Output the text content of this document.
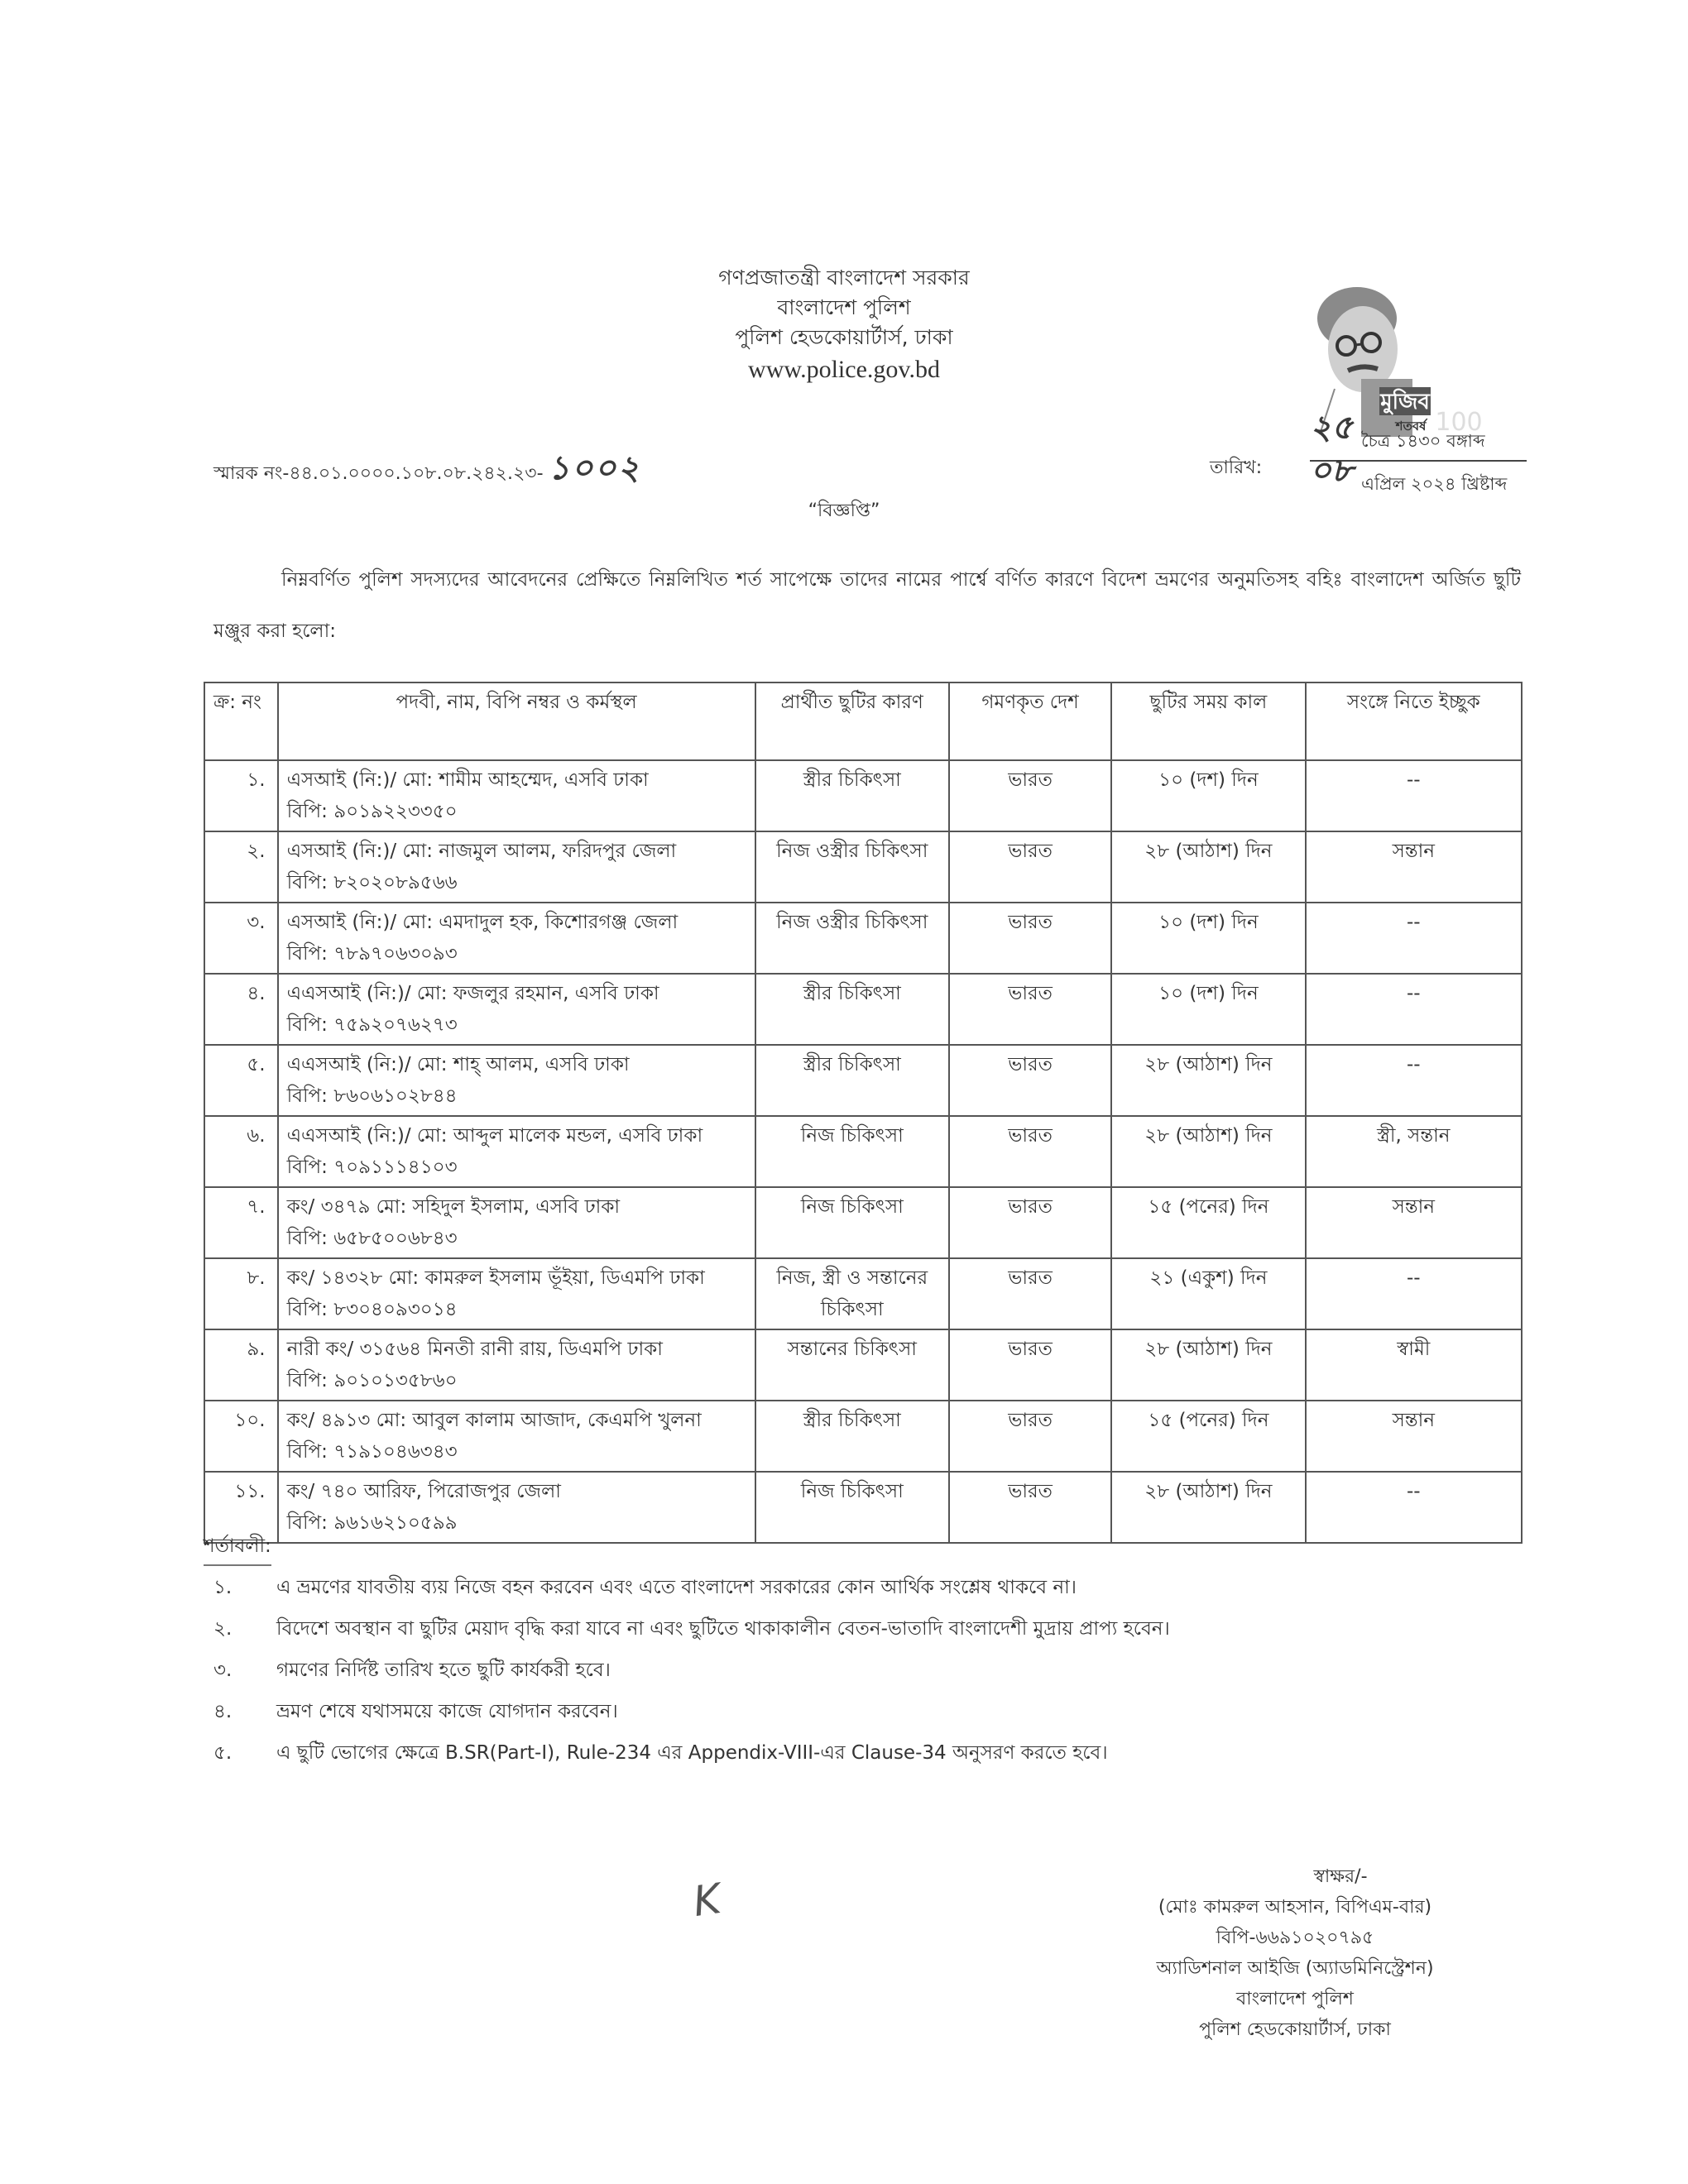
গণপ্রজাতন্ত্রী বাংলাদেশ সরকার
বাংলাদেশ পুলিশ
পুলিশ হেডকোয়ার্টার্স, ঢাকা
www.police.gov.bd
মুজিব
শতবর্ষ 100
স্মারক নং-৪৪.০১.০০০০.১০৮.০৮.২৪২.২৩- ১০০২	তারিখ:
২৫ চৈত্র ১৪৩০ বঙ্গাব্দ
০৮ এপ্রিল ২০২৪ খ্রিষ্টাব্দ
“বিজ্ঞপ্তি”
নিম্নবর্ণিত পুলিশ সদস্যদের আবেদনের প্রেক্ষিতে নিম্নলিখিত শর্ত সাপেক্ষে তাদের নামের পার্শ্বে বর্ণিত কারণে বিদেশ ভ্রমণের অনুমতিসহ বহিঃ বাংলাদেশ অর্জিত ছুটি মঞ্জুর করা হলো:
ক্র: নং	পদবী, নাম, বিপি নম্বর ও কর্মস্থল	প্রার্থীত ছুটির কারণ	গমণকৃত দেশ	ছুটির সময় কাল	সংঙ্গে নিতে ইচ্ছুক

১.	এসআই (নি:)/ মো: শামীম আহম্মেদ, এসবি ঢাকা
বিপি: ৯০১৯২২৩৩৫০	স্ত্রীর চিকিৎসা	ভারত	১০ (দশ) দিন	--

২.	এসআই (নি:)/ মো: নাজমুল আলম, ফরিদপুর জেলা
বিপি: ৮২০২০৮৯৫৬৬	নিজ ওস্ত্রীর চিকিৎসা	ভারত	২৮ (আঠাশ) দিন	সন্তান

৩.	এসআই (নি:)/ মো: এমদাদুল হক, কিশোরগঞ্জ জেলা
বিপি: ৭৮৯৭০৬৩০৯৩	নিজ ওস্ত্রীর চিকিৎসা	ভারত	১০ (দশ) দিন	--

৪.	এএসআই (নি:)/ মো: ফজলুর রহমান, এসবি ঢাকা
বিপি: ৭৫৯২০৭৬২৭৩	স্ত্রীর চিকিৎসা	ভারত	১০ (দশ) দিন	--

৫.	এএসআই (নি:)/ মো: শাহ্ আলম, এসবি ঢাকা
বিপি: ৮৬০৬১০২৮৪৪	স্ত্রীর চিকিৎসা	ভারত	২৮ (আঠাশ) দিন	--

৬.	এএসআই (নি:)/ মো: আব্দুল মালেক মন্ডল, এসবি ঢাকা
বিপি: ৭০৯১১১৪১০৩	নিজ চিকিৎসা	ভারত	২৮ (আঠাশ) দিন	স্ত্রী, সন্তান

৭.	কং/ ৩৪৭৯ মো: সহিদুল ইসলাম, এসবি ঢাকা
বিপি: ৬৫৮৫০০৬৮৪৩	নিজ চিকিৎসা	ভারত	১৫ (পনের) দিন	সন্তান

৮.	কং/ ১৪৩২৮ মো: কামরুল ইসলাম ভূঁইয়া, ডিএমপি ঢাকা
বিপি: ৮৩০৪০৯৩০১৪	নিজ, স্ত্রী ও সন্তানের চিকিৎসা	ভারত	২১ (একুশ) দিন	--

৯.	নারী কং/ ৩১৫৬৪ মিনতী রানী রায়, ডিএমপি ঢাকা
বিপি: ৯০১০১৩৫৮৬০	সন্তানের চিকিৎসা	ভারত	২৮ (আঠাশ) দিন	স্বামী

১০.	কং/ ৪৯১৩ মো: আবুল কালাম আজাদ, কেএমপি খুলনা
বিপি: ৭১৯১০৪৬৩৪৩	স্ত্রীর চিকিৎসা	ভারত	১৫ (পনের) দিন	সন্তান

১১.	কং/ ৭৪০ আরিফ, পিরোজপুর জেলা
বিপি: ৯৬১৬২১০৫৯৯	নিজ চিকিৎসা	ভারত	২৮ (আঠাশ) দিন	--
শর্তাবলী:
১.	এ ভ্রমণের যাবতীয় ব্যয় নিজে বহন করবেন এবং এতে বাংলাদেশ সরকারের কোন আর্থিক সংশ্লেষ থাকবে না।
২.	বিদেশে অবস্থান বা ছুটির মেয়াদ বৃদ্ধি করা যাবে না এবং ছুটিতে থাকাকালীন বেতন-ভাতাদি বাংলাদেশী মুদ্রায় প্রাপ্য হবেন।
৩.	গমণের নির্দিষ্ট তারিখ হতে ছুটি কার্যকরী হবে।
৪.	ভ্রমণ শেষে যথাসময়ে কাজে যোগদান করবেন।
৫.	এ ছুটি ভোগের ক্ষেত্রে B.SR(Part-I), Rule-234 এর Appendix-VIII-এর Clause-34 অনুসরণ করতে হবে।
K	স্বাক্ষর/-
(মোঃ কামরুল আহসান, বিপিএম-বার)
বিপি-৬৬৯১০২০৭৯৫
অ্যাডিশনাল আইজি (অ্যাডমিনিস্ট্রেশন)
বাংলাদেশ পুলিশ
পুলিশ হেডকোয়ার্টার্স, ঢাকা
